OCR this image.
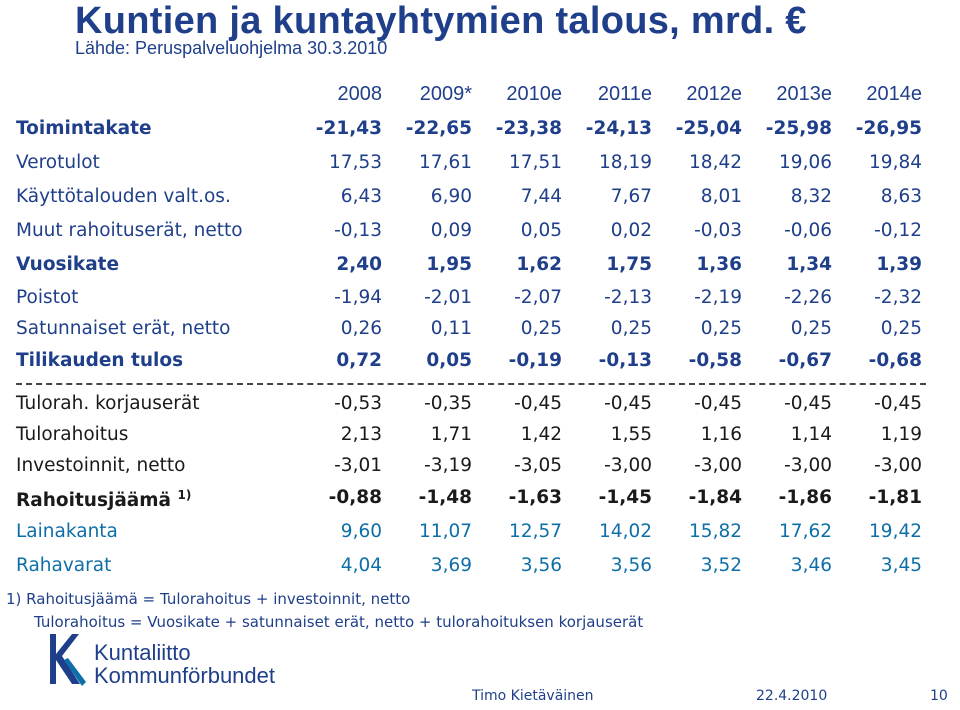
Kuntien ja kuntayhtymien talous, mrd. €
Lähde: Peruspalveluohjelma 30.3.2010
	2008	2009*	2010e	2011e	2012e	2013e	2014e
Toimintakate	-21,43	-22,65	-23,38	-24,13	-25,04	-25,98	-26,95
Verotulot	17,53	17,61	17,51	18,19	18,42	19,06	19,84
Käyttötalouden valt.os.	6,43	6,90	7,44	7,67	8,01	8,32	8,63
Muut rahoituserät, netto	-0,13	0,09	0,05	0,02	-0,03	-0,06	-0,12
Vuosikate	2,40	1,95	1,62	1,75	1,36	1,34	1,39
Poistot	-1,94	-2,01	-2,07	-2,13	-2,19	-2,26	-2,32
Satunnaiset erät, netto	0,26	0,11	0,25	0,25	0,25	0,25	0,25
Tilikauden tulos	0,72	0,05	-0,19	-0,13	-0,58	-0,67	-0,68

Tulorah. korjauserät	-0,53	-0,35	-0,45	-0,45	-0,45	-0,45	-0,45
Tulorahoitus	2,13	1,71	1,42	1,55	1,16	1,14	1,19
Investoinnit, netto	-3,01	-3,19	-3,05	-3,00	-3,00	-3,00	-3,00
Rahoitusjäämä $^{1)}$	-0,88	-1,48	-1,63	-1,45	-1,84	-1,86	-1,81
Lainakanta	9,60	11,07	12,57	14,02	15,82	17,62	19,42
Rahavarat	4,04	3,69	3,56	3,56	3,52	3,46	3,45
1) Rahoitusjäämä = Tulorahoitus + investoinnit, netto
Tulorahoitus = Vuosikate + satunnaiset erät, netto + tulorahoituksen korjauserät
Kuntaliitto
Kommunförbundet
Timo Kietäväinen	22.4.2010	10
